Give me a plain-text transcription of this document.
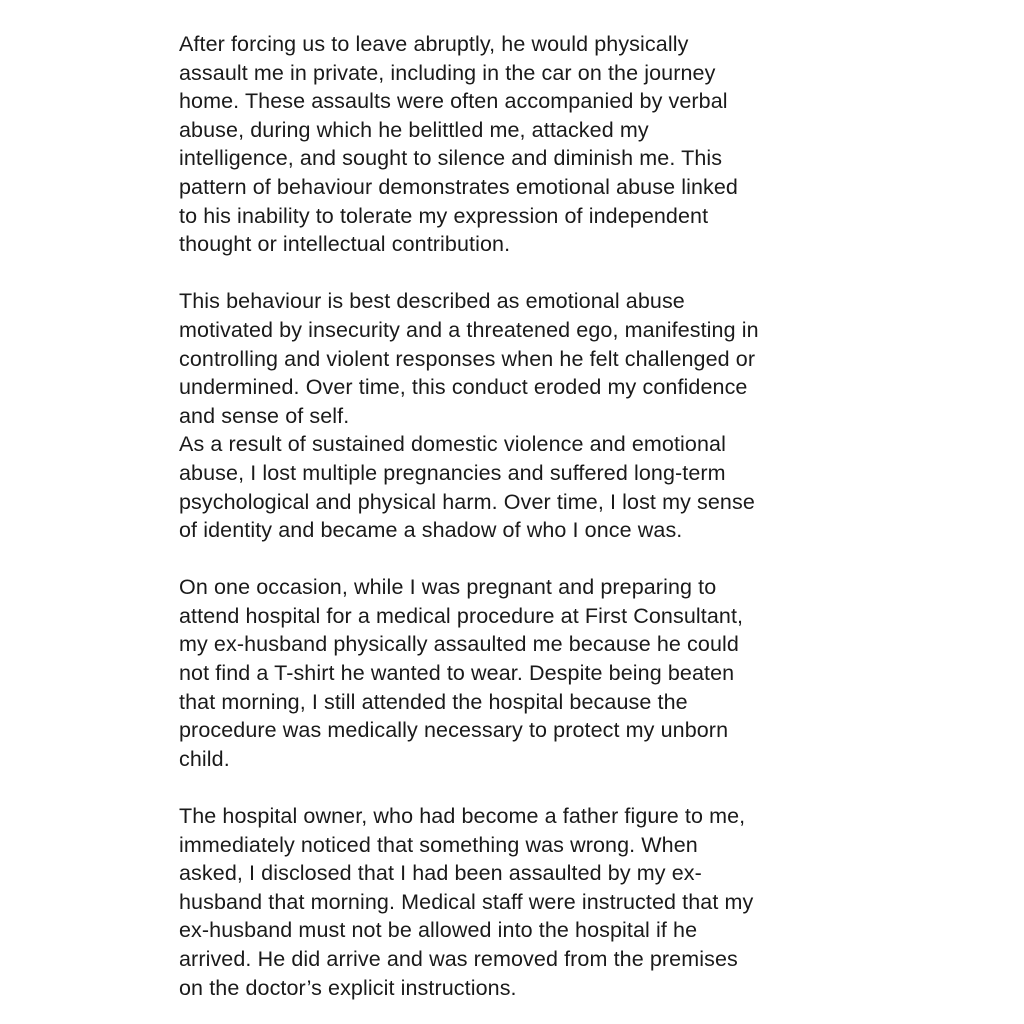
After forcing us to leave abruptly, he would physically
assault me in private, including in the car on the journey
home. These assaults were often accompanied by verbal
abuse, during which he belittled me, attacked my
intelligence, and sought to silence and diminish me. This
pattern of behaviour demonstrates emotional abuse linked
to his inability to tolerate my expression of independent
thought or intellectual contribution.
This behaviour is best described as emotional abuse
motivated by insecurity and a threatened ego, manifesting in
controlling and violent responses when he felt challenged or
undermined. Over time, this conduct eroded my confidence
and sense of self.
As a result of sustained domestic violence and emotional
abuse, I lost multiple pregnancies and suffered long-term
psychological and physical harm. Over time, I lost my sense
of identity and became a shadow of who I once was.
On one occasion, while I was pregnant and preparing to
attend hospital for a medical procedure at First Consultant,
my ex-husband physically assaulted me because he could
not find a T-shirt he wanted to wear. Despite being beaten
that morning, I still attended the hospital because the
procedure was medically necessary to protect my unborn
child.
The hospital owner, who had become a father figure to me,
immediately noticed that something was wrong. When
asked, I disclosed that I had been assaulted by my ex-
husband that morning. Medical staff were instructed that my
ex-husband must not be allowed into the hospital if he
arrived. He did arrive and was removed from the premises
on the doctor’s explicit instructions.
